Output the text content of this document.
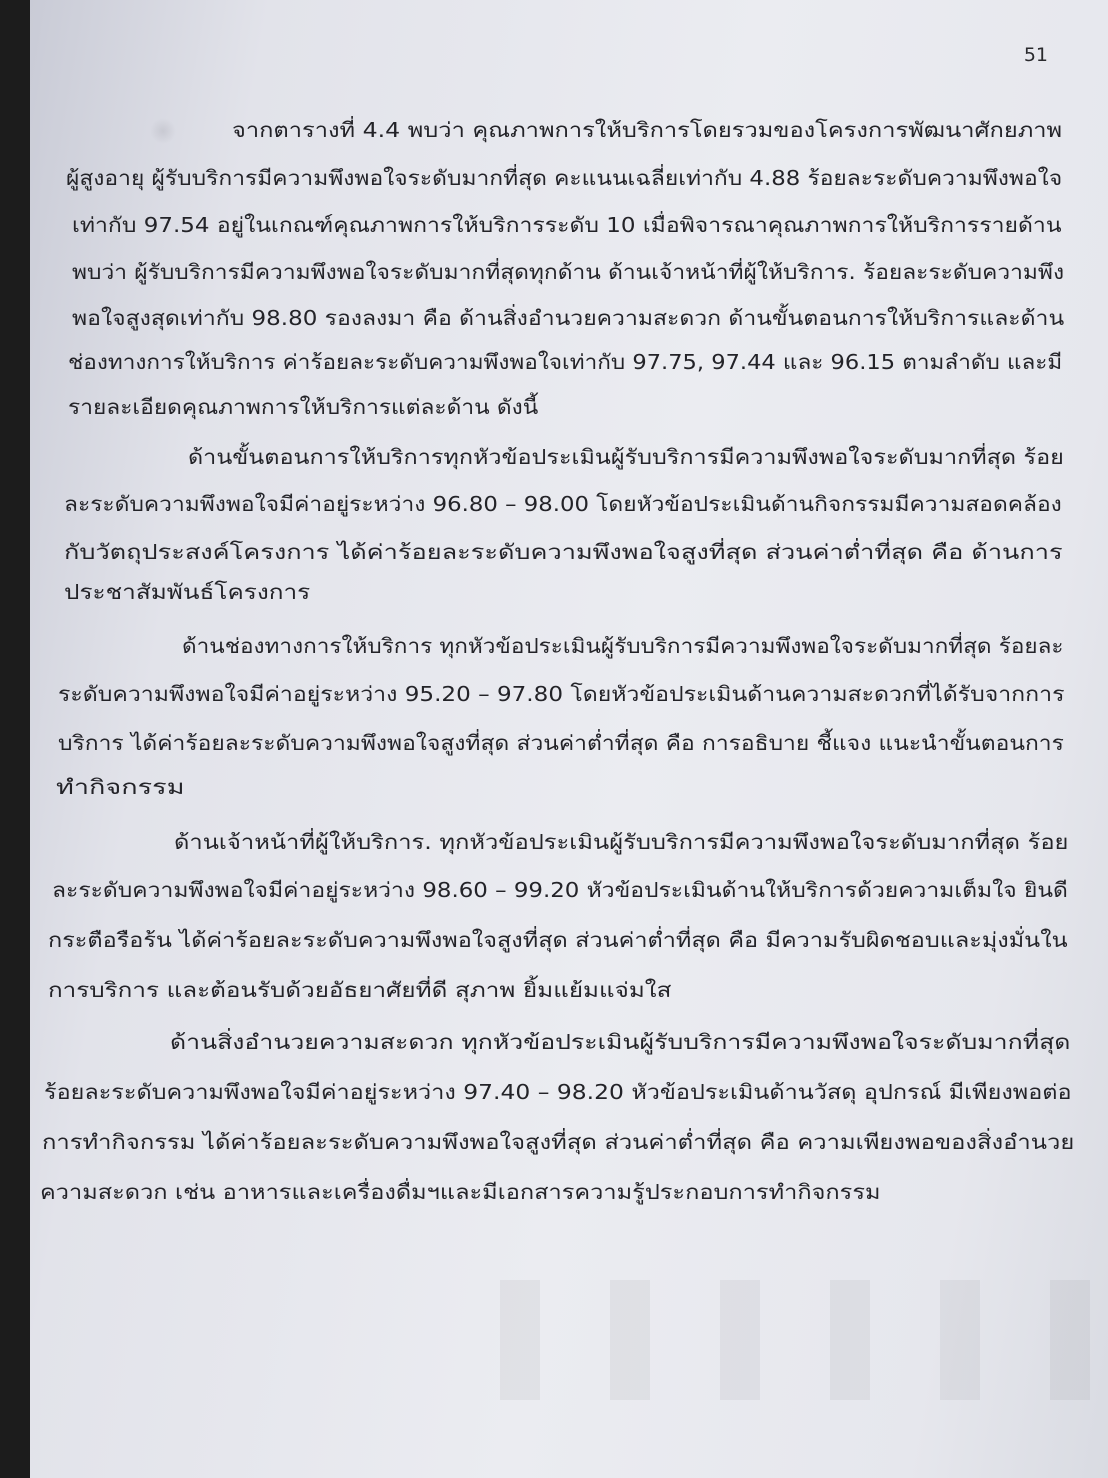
51

จากตารางที่ 4.4 พบว่า คุณภาพการให้บริการโดยรวมของโครงการพัฒนาศักยภาพ

ผู้สูงอายุ ผู้รับบริการมีความพึงพอใจระดับมากที่สุด คะแนนเฉลี่ยเท่ากับ 4.88 ร้อยละระดับความพึงพอใจ

เท่ากับ 97.54 อยู่ในเกณฑ์คุณภาพการให้บริการระดับ 10 เมื่อพิจารณาคุณภาพการให้บริการรายด้าน

พบว่า ผู้รับบริการมีความพึงพอใจระดับมากที่สุดทุกด้าน ด้านเจ้าหน้าที่ผู้ให้บริการ. ร้อยละระดับความพึง

พอใจสูงสุดเท่ากับ 98.80 รองลงมา คือ ด้านสิ่งอำนวยความสะดวก ด้านขั้นตอนการให้บริการและด้าน

ช่องทางการให้บริการ ค่าร้อยละระดับความพึงพอใจเท่ากับ 97.75, 97.44 และ 96.15 ตามลำดับ และมี

รายละเอียดคุณภาพการให้บริการแต่ละด้าน ดังนี้

ด้านขั้นตอนการให้บริการทุกหัวข้อประเมินผู้รับบริการมีความพึงพอใจระดับมากที่สุด ร้อย

ละระดับความพึงพอใจมีค่าอยู่ระหว่าง 96.80 – 98.00 โดยหัวข้อประเมินด้านกิจกรรมมีความสอดคล้อง

กับวัตถุประสงค์โครงการ ได้ค่าร้อยละระดับความพึงพอใจสูงที่สุด ส่วนค่าต่ำที่สุด คือ ด้านการ

ประชาสัมพันธ์โครงการ

ด้านช่องทางการให้บริการ ทุกหัวข้อประเมินผู้รับบริการมีความพึงพอใจระดับมากที่สุด ร้อยละ

ระดับความพึงพอใจมีค่าอยู่ระหว่าง 95.20 – 97.80 โดยหัวข้อประเมินด้านความสะดวกที่ได้รับจากการ

บริการ ได้ค่าร้อยละระดับความพึงพอใจสูงที่สุด ส่วนค่าต่ำที่สุด คือ การอธิบาย ชี้แจง แนะนำขั้นตอนการ

ทำกิจกรรม

ด้านเจ้าหน้าที่ผู้ให้บริการ. ทุกหัวข้อประเมินผู้รับบริการมีความพึงพอใจระดับมากที่สุด ร้อย

ละระดับความพึงพอใจมีค่าอยู่ระหว่าง 98.60 – 99.20 หัวข้อประเมินด้านให้บริการด้วยความเต็มใจ ยินดี

กระตือรือร้น ได้ค่าร้อยละระดับความพึงพอใจสูงที่สุด ส่วนค่าต่ำที่สุด คือ มีความรับผิดชอบและมุ่งมั่นใน

การบริการ และต้อนรับด้วยอัธยาศัยที่ดี สุภาพ ยิ้มแย้มแจ่มใส

ด้านสิ่งอำนวยความสะดวก ทุกหัวข้อประเมินผู้รับบริการมีความพึงพอใจระดับมากที่สุด

ร้อยละระดับความพึงพอใจมีค่าอยู่ระหว่าง 97.40 – 98.20 หัวข้อประเมินด้านวัสดุ อุปกรณ์ มีเพียงพอต่อ

การทำกิจกรรม ได้ค่าร้อยละระดับความพึงพอใจสูงที่สุด ส่วนค่าต่ำที่สุด คือ ความเพียงพอของสิ่งอำนวย

ความสะดวก เช่น อาหารและเครื่องดื่มฯและมีเอกสารความรู้ประกอบการทำกิจกรรม
